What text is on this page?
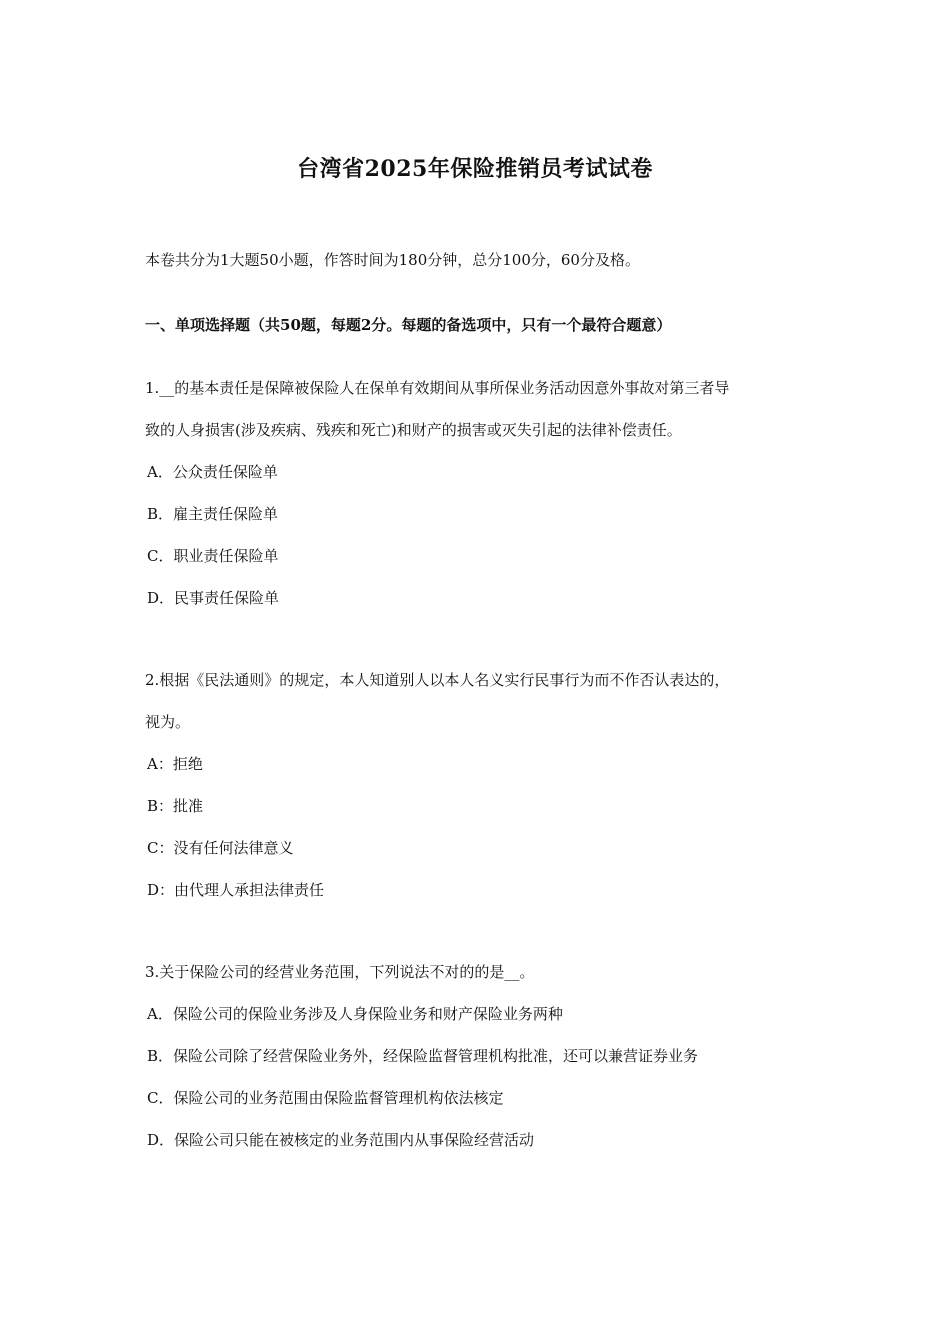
台湾省2025年保险推销员考试试卷
本卷共分为1大题50小题，作答时间为180分钟，总分100分，60分及格。
一、单项选择题（共50题，每题2分。每题的备选项中，只有一个最符合题意）
1.__的基本责任是保障被保险人在保单有效期间从事所保业务活动因意外事故对第三者导
致的人身损害(涉及疾病、残疾和死亡)和财产的损害或灭失引起的法律补偿责任。
A．公众责任保险单
B．雇主责任保险单
C．职业责任保险单
D．民事责任保险单
2.根据《民法通则》的规定，本人知道别人以本人名义实行民事行为而不作否认表达的，
视为。
A：拒绝
B：批准
C：没有任何法律意义
D：由代理人承担法律责任
3.关于保险公司的经营业务范围，下列说法不对的的是__。
A．保险公司的保险业务涉及人身保险业务和财产保险业务两种
B．保险公司除了经营保险业务外，经保险监督管理机构批准，还可以兼营证券业务
C．保险公司的业务范围由保险监督管理机构依法核定
D．保险公司只能在被核定的业务范围内从事保险经营活动
